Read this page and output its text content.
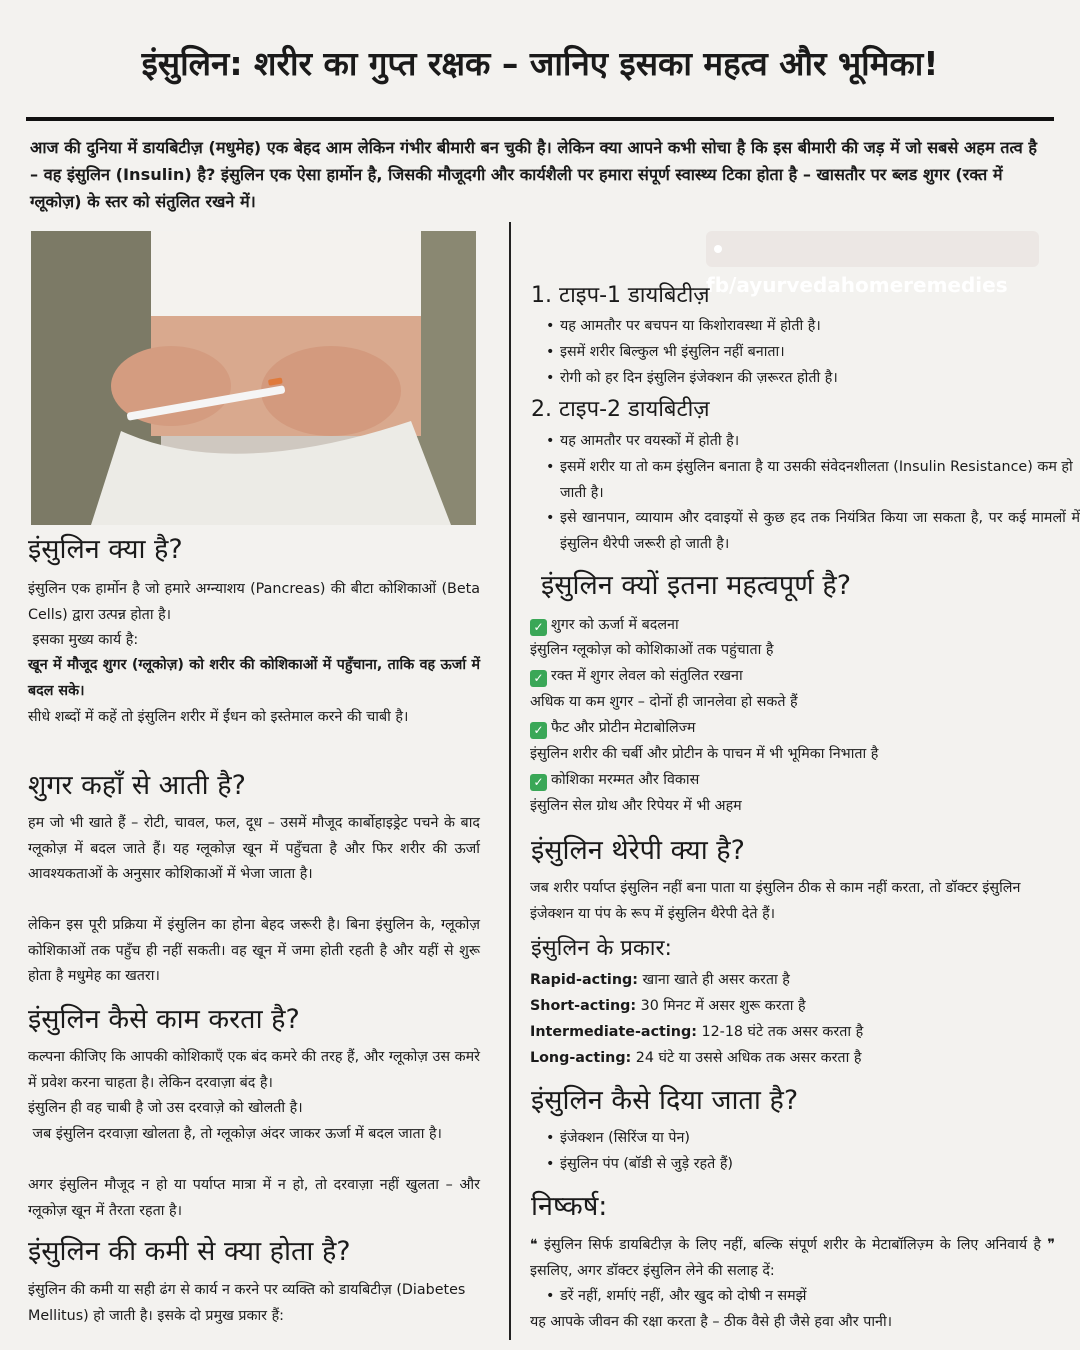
इंसुलिन: शरीर का गुप्त रक्षक – जानिए इसका महत्व और भूमिका!
आज की दुनिया में डायबिटीज़ (मधुमेह) एक बेहद आम लेकिन गंभीर बीमारी बन चुकी है। लेकिन क्या आपने कभी सोचा है कि इस बीमारी की जड़ में जो सबसे अहम तत्व है – वह इंसुलिन (Insulin) है? इंसुलिन एक ऐसा हार्मोन है, जिसकी मौजूदगी और कार्यशैली पर हमारा संपूर्ण स्वास्थ्य टिका होता है – खासतौर पर ब्लड शुगर (रक्त में ग्लूकोज़) के स्तर को संतुलित रखने में।
इंसुलिन क्या है?
इंसुलिन एक हार्मोन है जो हमारे अग्न्याशय (Pancreas) की बीटा कोशिकाओं (Beta Cells) द्वारा उत्पन्न होता है।
इसका मुख्य कार्य है:
खून में मौजूद शुगर (ग्लूकोज़) को शरीर की कोशिकाओं में पहुँचाना, ताकि वह ऊर्जा में बदल सके।
सीधे शब्दों में कहें तो इंसुलिन शरीर में ईंधन को इस्तेमाल करने की चाबी है।
शुगर कहाँ से आती है?
हम जो भी खाते हैं – रोटी, चावल, फल, दूध – उसमें मौजूद कार्बोहाइड्रेट पचने के बाद ग्लूकोज़ में बदल जाते हैं। यह ग्लूकोज़ खून में पहुँचता है और फिर शरीर की ऊर्जा आवश्यकताओं के अनुसार कोशिकाओं में भेजा जाता है।
लेकिन इस पूरी प्रक्रिया में इंसुलिन का होना बेहद जरूरी है। बिना इंसुलिन के, ग्लूकोज़ कोशिकाओं तक पहुँच ही नहीं सकती। वह खून में जमा होती रहती है और यहीं से शुरू होता है मधुमेह का खतरा।
इंसुलिन कैसे काम करता है?
कल्पना कीजिए कि आपकी कोशिकाएँ एक बंद कमरे की तरह हैं, और ग्लूकोज़ उस कमरे में प्रवेश करना चाहता है। लेकिन दरवाज़ा बंद है।
इंसुलिन ही वह चाबी है जो उस दरवाज़े को खोलती है।
जब इंसुलिन दरवाज़ा खोलता है, तो ग्लूकोज़ अंदर जाकर ऊर्जा में बदल जाता है।
अगर इंसुलिन मौजूद न हो या पर्याप्त मात्रा में न हो, तो दरवाज़ा नहीं खुलता – और ग्लूकोज़ खून में तैरता रहता है।
इंसुलिन की कमी से क्या होता है?
इंसुलिन की कमी या सही ढंग से कार्य न करने पर व्यक्ति को डायबिटीज़ (Diabetes Mellitus) हो जाती है। इसके दो प्रमुख प्रकार हैं:
fb/ayurvedahomeremedies
1. टाइप-1 डायबिटीज़
• यह आमतौर पर बचपन या किशोरावस्था में होती है।
• इसमें शरीर बिल्कुल भी इंसुलिन नहीं बनाता।
• रोगी को हर दिन इंसुलिन इंजेक्शन की ज़रूरत होती है।
2. टाइप-2 डायबिटीज़
• यह आमतौर पर वयस्कों में होती है।
• इसमें शरीर या तो कम इंसुलिन बनाता है या उसकी संवेदनशीलता (Insulin Resistance) कम हो जाती है।
• इसे खानपान, व्यायाम और दवाइयों से कुछ हद तक नियंत्रित किया जा सकता है, पर कई मामलों में इंसुलिन थैरेपी जरूरी हो जाती है।
इंसुलिन क्यों इतना महत्वपूर्ण है?
✓ शुगर को ऊर्जा में बदलना
इंसुलिन ग्लूकोज़ को कोशिकाओं तक पहुंचाता है
✓ रक्त में शुगर लेवल को संतुलित रखना
अधिक या कम शुगर – दोनों ही जानलेवा हो सकते हैं
✓ फैट और प्रोटीन मेटाबोलिज्म
इंसुलिन शरीर की चर्बी और प्रोटीन के पाचन में भी भूमिका निभाता है
✓ कोशिका मरम्मत और विकास
इंसुलिन सेल ग्रोथ और रिपेयर में भी अहम
इंसुलिन थेरेपी क्या है?
जब शरीर पर्याप्त इंसुलिन नहीं बना पाता या इंसुलिन ठीक से काम नहीं करता, तो डॉक्टर इंसुलिन इंजेक्शन या पंप के रूप में इंसुलिन थैरेपी देते हैं।
इंसुलिन के प्रकार:
Rapid-acting: खाना खाते ही असर करता है
Short-acting: 30 मिनट में असर शुरू करता है
Intermediate-acting: 12-18 घंटे तक असर करता है
Long-acting: 24 घंटे या उससे अधिक तक असर करता है
इंसुलिन कैसे दिया जाता है?
• इंजेक्शन (सिरिंज या पेन)
• इंसुलिन पंप (बॉडी से जुड़े रहते हैं)
निष्कर्ष:
❝ इंसुलिन सिर्फ डायबिटीज़ के लिए नहीं, बल्कि संपूर्ण शरीर के मेटाबॉलिज़्म के लिए अनिवार्य है ❞ इसलिए, अगर डॉक्टर इंसुलिन लेने की सलाह दें:
• डरें नहीं, शर्माएं नहीं, और खुद को दोषी न समझें
यह आपके जीवन की रक्षा करता है – ठीक वैसे ही जैसे हवा और पानी।
